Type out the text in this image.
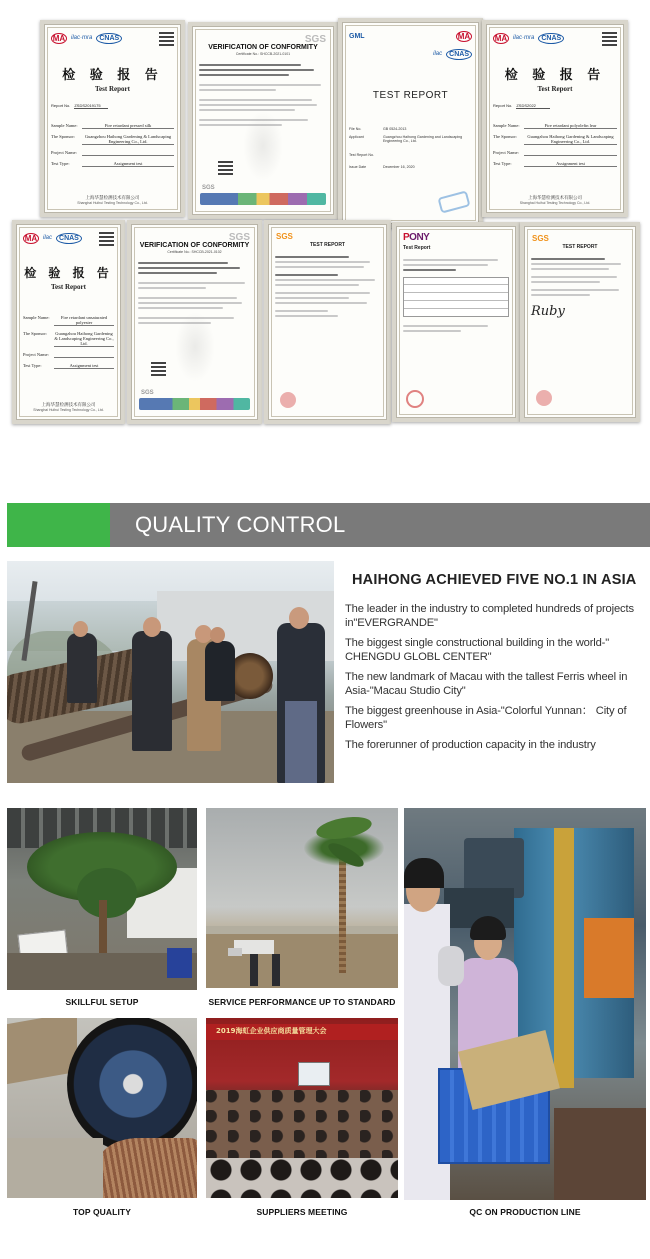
MA ilac·mra	CNAS
检 验 报 告
Test Report
Report No. ZSDS2019175
Sample Name:	Fire retardant pressed silk
The Sponsor:	Guangzhou Haihong Gardening & Landscaping Engineering Co., Ltd.
Project Name:

Test Type:	Assignment test
上海华慧检测技术有限公司
Shanghai Huihui Testing Technology Co., Ltd.
SGS
VERIFICATION OF CONFORMITY
Certificate No.: SHCCB-2021-0101
SGS
GML	MA
ilac	CNAS
TEST REPORT
File No.	GB 0524-2013
Applicant	Guangzhou Haihong Gardening and Landscaping Engineering Co., Ltd.
Test Report No.

Issue Date	December 16, 2020
MA ilac·mra	CNAS
检 验 报 告
Test Report
Report No. ZSDS2022
Sample Name:	Fire retardant polyolefin lear
The Sponsor:	Guangzhou Haihong Gardening & Landscaping Engineering Co., Ltd.
Project Name:

Test Type:	Assignment test
上海华慧检测技术有限公司
Shanghai Huihui Testing Technology Co., Ltd.
MA ilac	CNAS
检 验 报 告
Test Report
Sample Name:	Fire retardant unsaturated polyester
The Sponsor:	Guangzhou Haihong Gardening & Landscaping Engineering Co., Ltd.
Project Name:

Test Type:	Assignment test
上海华慧检测技术有限公司
Shanghai Huihui Testing Technology Co., Ltd.
SGS
VERIFICATION OF CONFORMITY
Certificate No.: SHCCB-2021-0102
SGS
SGS
TEST REPORT
PONY
Test Report
SGS
TEST REPORT
Ruby
QUALITY CONTROL
HAIHONG ACHIEVED FIVE NO.1 IN ASIA
The leader in the industry to completed hundreds of projects in"EVERGRANDE"
The biggest single constructional building in the world-" CHENGDU GLOBL CENTER"
The new landmark of Macau with the tallest Ferris wheel in Asia-"Macau Studio City"
The biggest greenhouse in Asia-"Colorful Yunnan： City of Flowers"
The forerunner of production capacity in the industry
SKILLFUL SETUP	SERVICE PERFORMANCE UP TO STANDARD
QC ON PRODUCTION LINE
TOP QUALITY
2019海虹企业供应商质量管理大会
SUPPLIERS MEETING
